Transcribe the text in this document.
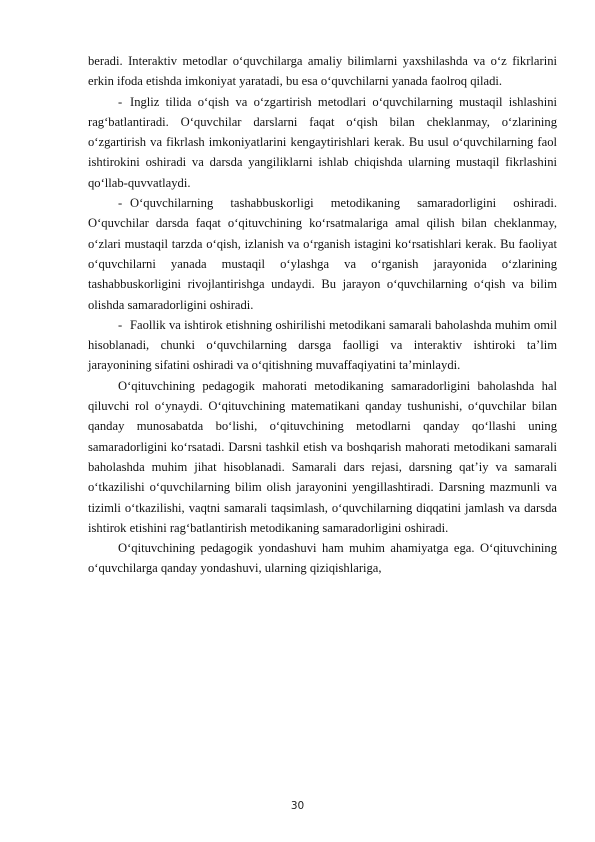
beradi. Interaktiv metodlar o‘quvchilarga amaliy bilimlarni yaxshilashda va o‘z fikrlarini erkin ifoda etishda imkoniyat yaratadi, bu esa o‘quvchilarni yanada faolroq qiladi.

- Ingliz tilida o‘qish va o‘zgartirish metodlari o‘quvchilarning mustaqil ishlashini rag‘batlantiradi. O‘quvchilar darslarni faqat o‘qish bilan cheklanmay, o‘zlarining o‘zgartirish va fikrlash imkoniyatlarini kengaytirishlari kerak. Bu usul o‘quvchilarning faol ishtirokini oshiradi va darsda yangiliklarni ishlab chiqishda ularning mustaqil fikrlashini qo‘llab-quvvatlaydi.

- O‘quvchilarning tashabbuskorligi metodikaning samaradorligini oshiradi. O‘quvchilar darsda faqat o‘qituvchining ko‘rsatmalariga amal qilish bilan cheklanmay, o‘zlari mustaqil tarzda o‘qish, izlanish va o‘rganish istagini ko‘rsatishlari kerak. Bu faoliyat o‘quvchilarni yanada mustaqil o‘ylashga va o‘rganish jarayonida o‘zlarining tashabbuskorligini rivojlantirishga undaydi. Bu jarayon o‘quvchilarning o‘qish va bilim olishda samaradorligini oshiradi.

- Faollik va ishtirok etishning oshirilishi metodikani samarali baholashda muhim omil hisoblanadi, chunki o‘quvchilarning darsga faolligi va interaktiv ishtiroki ta’lim jarayonining sifatini oshiradi va o‘qitishning muvaffaqiyatini ta’minlaydi.

O‘qituvchining pedagogik mahorati metodikaning samaradorligini baholashda hal qiluvchi rol o‘ynaydi. O‘qituvchining matematikani qanday tushunishi, o‘quvchilar bilan qanday munosabatda bo‘lishi, o‘qituvchining metodlarni qanday qo‘llashi uning samaradorligini ko‘rsatadi. Darsni tashkil etish va boshqarish mahorati metodikani samarali baholashda muhim jihat hisoblanadi. Samarali dars rejasi, darsning qat’iy va samarali o‘tkazilishi o‘quvchilarning bilim olish jarayonini yengillashtiradi. Darsning mazmunli va tizimli o‘tkazilishi, vaqtni samarali taqsimlash, o‘quvchilarning diqqatini jamlash va darsda ishtirok etishini rag‘batlantirish metodikaning samaradorligini oshiradi.

O‘qituvchining pedagogik yondashuvi ham muhim ahamiyatga ega. O‘qituvchining o‘quvchilarga qanday yondashuvi, ularning qiziqishlariga,

30
